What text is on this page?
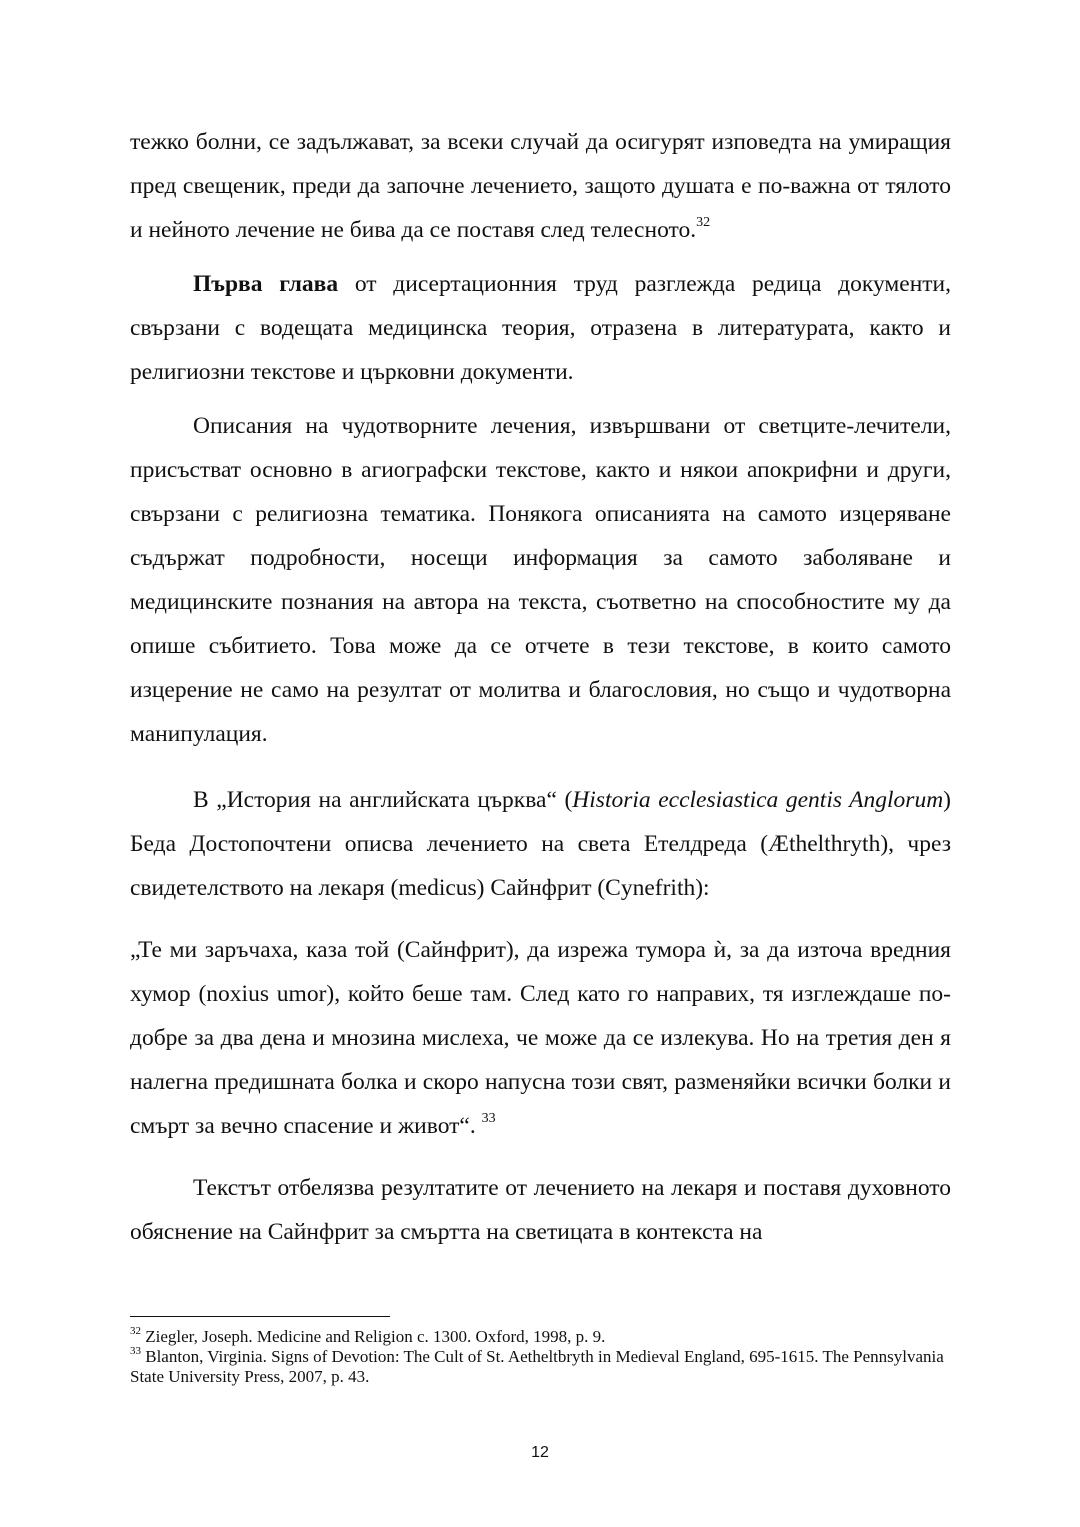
тежко болни, се задължават, за всеки случай да осигурят изповедта на умиращия пред свещеник, преди да започне лечението, защото душата е по-важна от тялото и нейното лечение не бива да се поставя след телесното.$^{32}$

Първа глава от дисертационния труд разглежда редица документи, свързани с водещата медицинска теория, отразена в литературата, както и религиозни текстове и църковни документи.

Описания на чудотворните лечения, извършвани от светците-лечители, присъстват основно в агиографски текстове, както и някои апокрифни и други, свързани с религиозна тематика. Понякога описанията на самото изцеряване съдържат подробности, носещи информация за самото заболяване и медицинските познания на автора на текста, съответно на способностите му да опише събитието. Това може да се отчете в тези текстове, в които самото изцерение не само на резултат от молитва и благословия, но също и чудотворна манипулация.

В „История на английската църква“ (Historia ecclesiastica gentis Anglorum) Беда Достопочтени описва лечението на света Етелдреда (Æthelthryth), чрез свидетелството на лекаря (medicus) Сайнфрит (Cynefrith):

„Те ми заръчаха, каза той (Сайнфрит), да изрежа тумора ѝ, за да източа вредния хумор (noxius umor), който беше там. След като го направих, тя изглеждаше по-добре за два дена и мнозина мислеха, че може да се излекува. Но на третия ден я налегна предишната болка и скоро напусна този свят, разменяйки всички болки и смърт за вечно спасение и живот“. $^{33}$

Текстът отбелязва резултатите от лечението на лекаря и поставя духовното обяснение на Сайнфрит за смъртта на светицата в контекста на

$^{32}$ Ziegler, Joseph. Medicine and Religion c. 1300. Oxford, 1998, p. 9.

$^{33}$ Blanton, Virginia. Signs of Devotion: The Cult of St. Aetheltbryth in Medieval England, 695-1615. The Pennsylvania State University Press, 2007, p. 43.

12
